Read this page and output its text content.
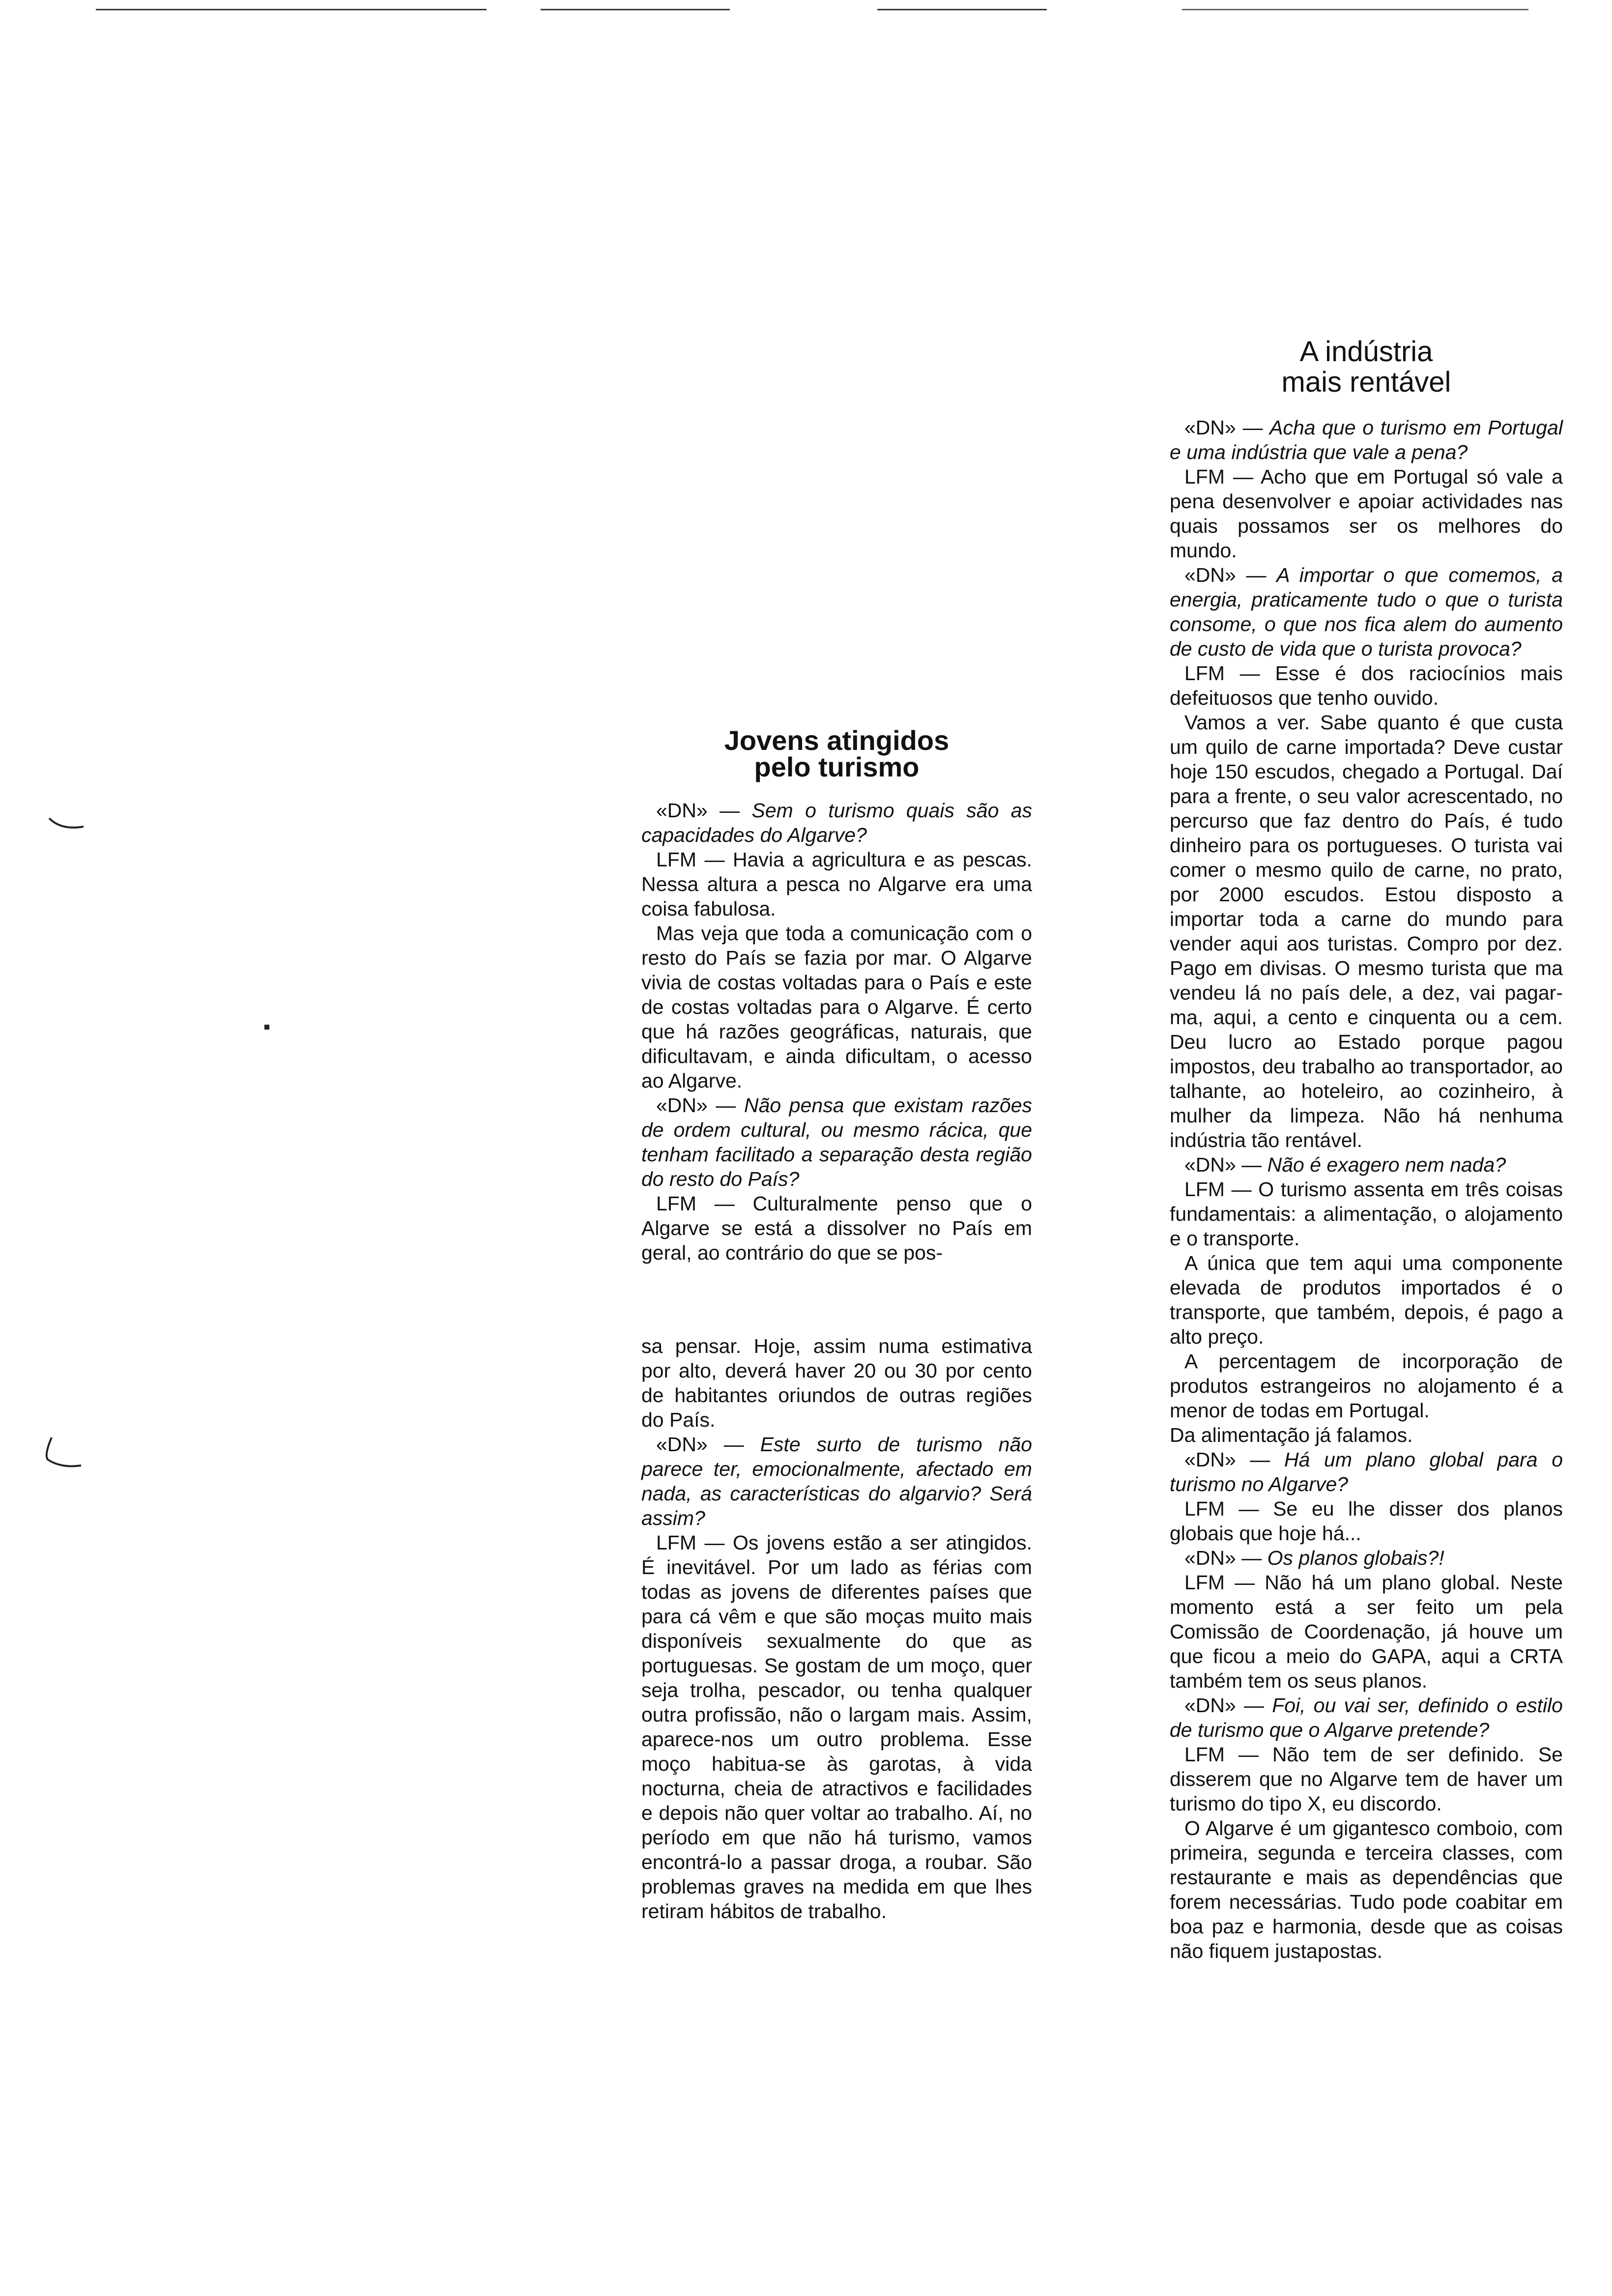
Jovens atingidos
pelo turismo

«DN» — Sem o turismo quais são as capacidades do Algarve?

LFM — Havia a agricultura e as pescas. Nessa altura a pesca no Algarve era uma coisa fabulosa.

Mas veja que toda a comunicação com o resto do País se fazia por mar. O Algarve vivia de costas voltadas para o País e este de costas voltadas para o Algarve. É certo que há razões geográficas, naturais, que dificultavam, e ainda dificultam, o acesso ao Algarve.

«DN» — Não pensa que existam razões de ordem cultural, ou mesmo rácica, que tenham facilitado a separação desta região do resto do País?

LFM — Culturalmente penso que o Algarve se está a dissolver no País em geral, ao contrário do que se pos-

sa pensar. Hoje, assim numa estimativa por alto, deverá haver 20 ou 30 por cento de habitantes oriundos de outras regiões do País.

«DN» — Este surto de turismo não parece ter, emocionalmente, afectado em nada, as características do algarvio? Será assim?

LFM — Os jovens estão a ser atingidos. É inevitável. Por um lado as férias com todas as jovens de diferentes países que para cá vêm e que são moças muito mais disponíveis sexualmente do que as portuguesas. Se gostam de um moço, quer seja trolha, pescador, ou tenha qualquer outra profissão, não o largam mais. Assim, aparece-nos um outro problema. Esse moço habitua-se às garotas, à vida nocturna, cheia de atractivos e facilidades e depois não quer voltar ao trabalho. Aí, no período em que não há turismo, vamos encontrá-lo a passar droga, a roubar. São problemas graves na medida em que lhes retiram hábitos de trabalho.

A indústria
mais rentável

«DN» — Acha que o turismo em Portugal e uma indústria que vale a pena?

LFM — Acho que em Portugal só vale a pena desenvolver e apoiar actividades nas quais possamos ser os melhores do mundo.

«DN» — A importar o que comemos, a energia, praticamente tudo o que o turista consome, o que nos fica alem do aumento de custo de vida que o turista provoca?

LFM — Esse é dos raciocínios mais defeituosos que tenho ouvido.

Vamos a ver. Sabe quanto é que custa um quilo de carne importada? Deve custar hoje 150 escudos, chegado a Portugal. Daí para a frente, o seu valor acrescentado, no percurso que faz dentro do País, é tudo dinheiro para os portugueses. O turista vai comer o mesmo quilo de carne, no prato, por 2000 escudos. Estou disposto a importar toda a carne do mundo para vender aqui aos turistas. Compro por dez. Pago em divisas. O mesmo turista que ma vendeu lá no país dele, a dez, vai pagar-ma, aqui, a cento e cinquenta ou a cem. Deu lucro ao Estado porque pagou impostos, deu trabalho ao transportador, ao talhante, ao hoteleiro, ao cozinheiro, à mulher da limpeza. Não há nenhuma indústria tão rentável.

«DN» — Não é exagero nem nada?

LFM — O turismo assenta em três coisas fundamentais: a alimentação, o alojamento e o transporte.

A única que tem aqui uma componente elevada de produtos importados é o transporte, que também, depois, é pago a alto preço.

A percentagem de incorporação de produtos estrangeiros no alojamento é a menor de todas em Portugal.

Da alimentação já falamos.

«DN» — Há um plano global para o turismo no Algarve?

LFM — Se eu lhe disser dos planos globais que hoje há...

«DN» — Os planos globais?!

LFM — Não há um plano global. Neste momento está a ser feito um pela Comissão de Coordenação, já houve um que ficou a meio do GAPA, aqui a CRTA também tem os seus planos.

«DN» — Foi, ou vai ser, definido o estilo de turismo que o Algarve pretende?

LFM — Não tem de ser definido. Se disserem que no Algarve tem de haver um turismo do tipo X, eu discordo.

O Algarve é um gigantesco comboio, com primeira, segunda e terceira classes, com restaurante e mais as dependências que forem necessárias. Tudo pode coabitar em boa paz e harmonia, desde que as coisas não fiquem justapostas.
